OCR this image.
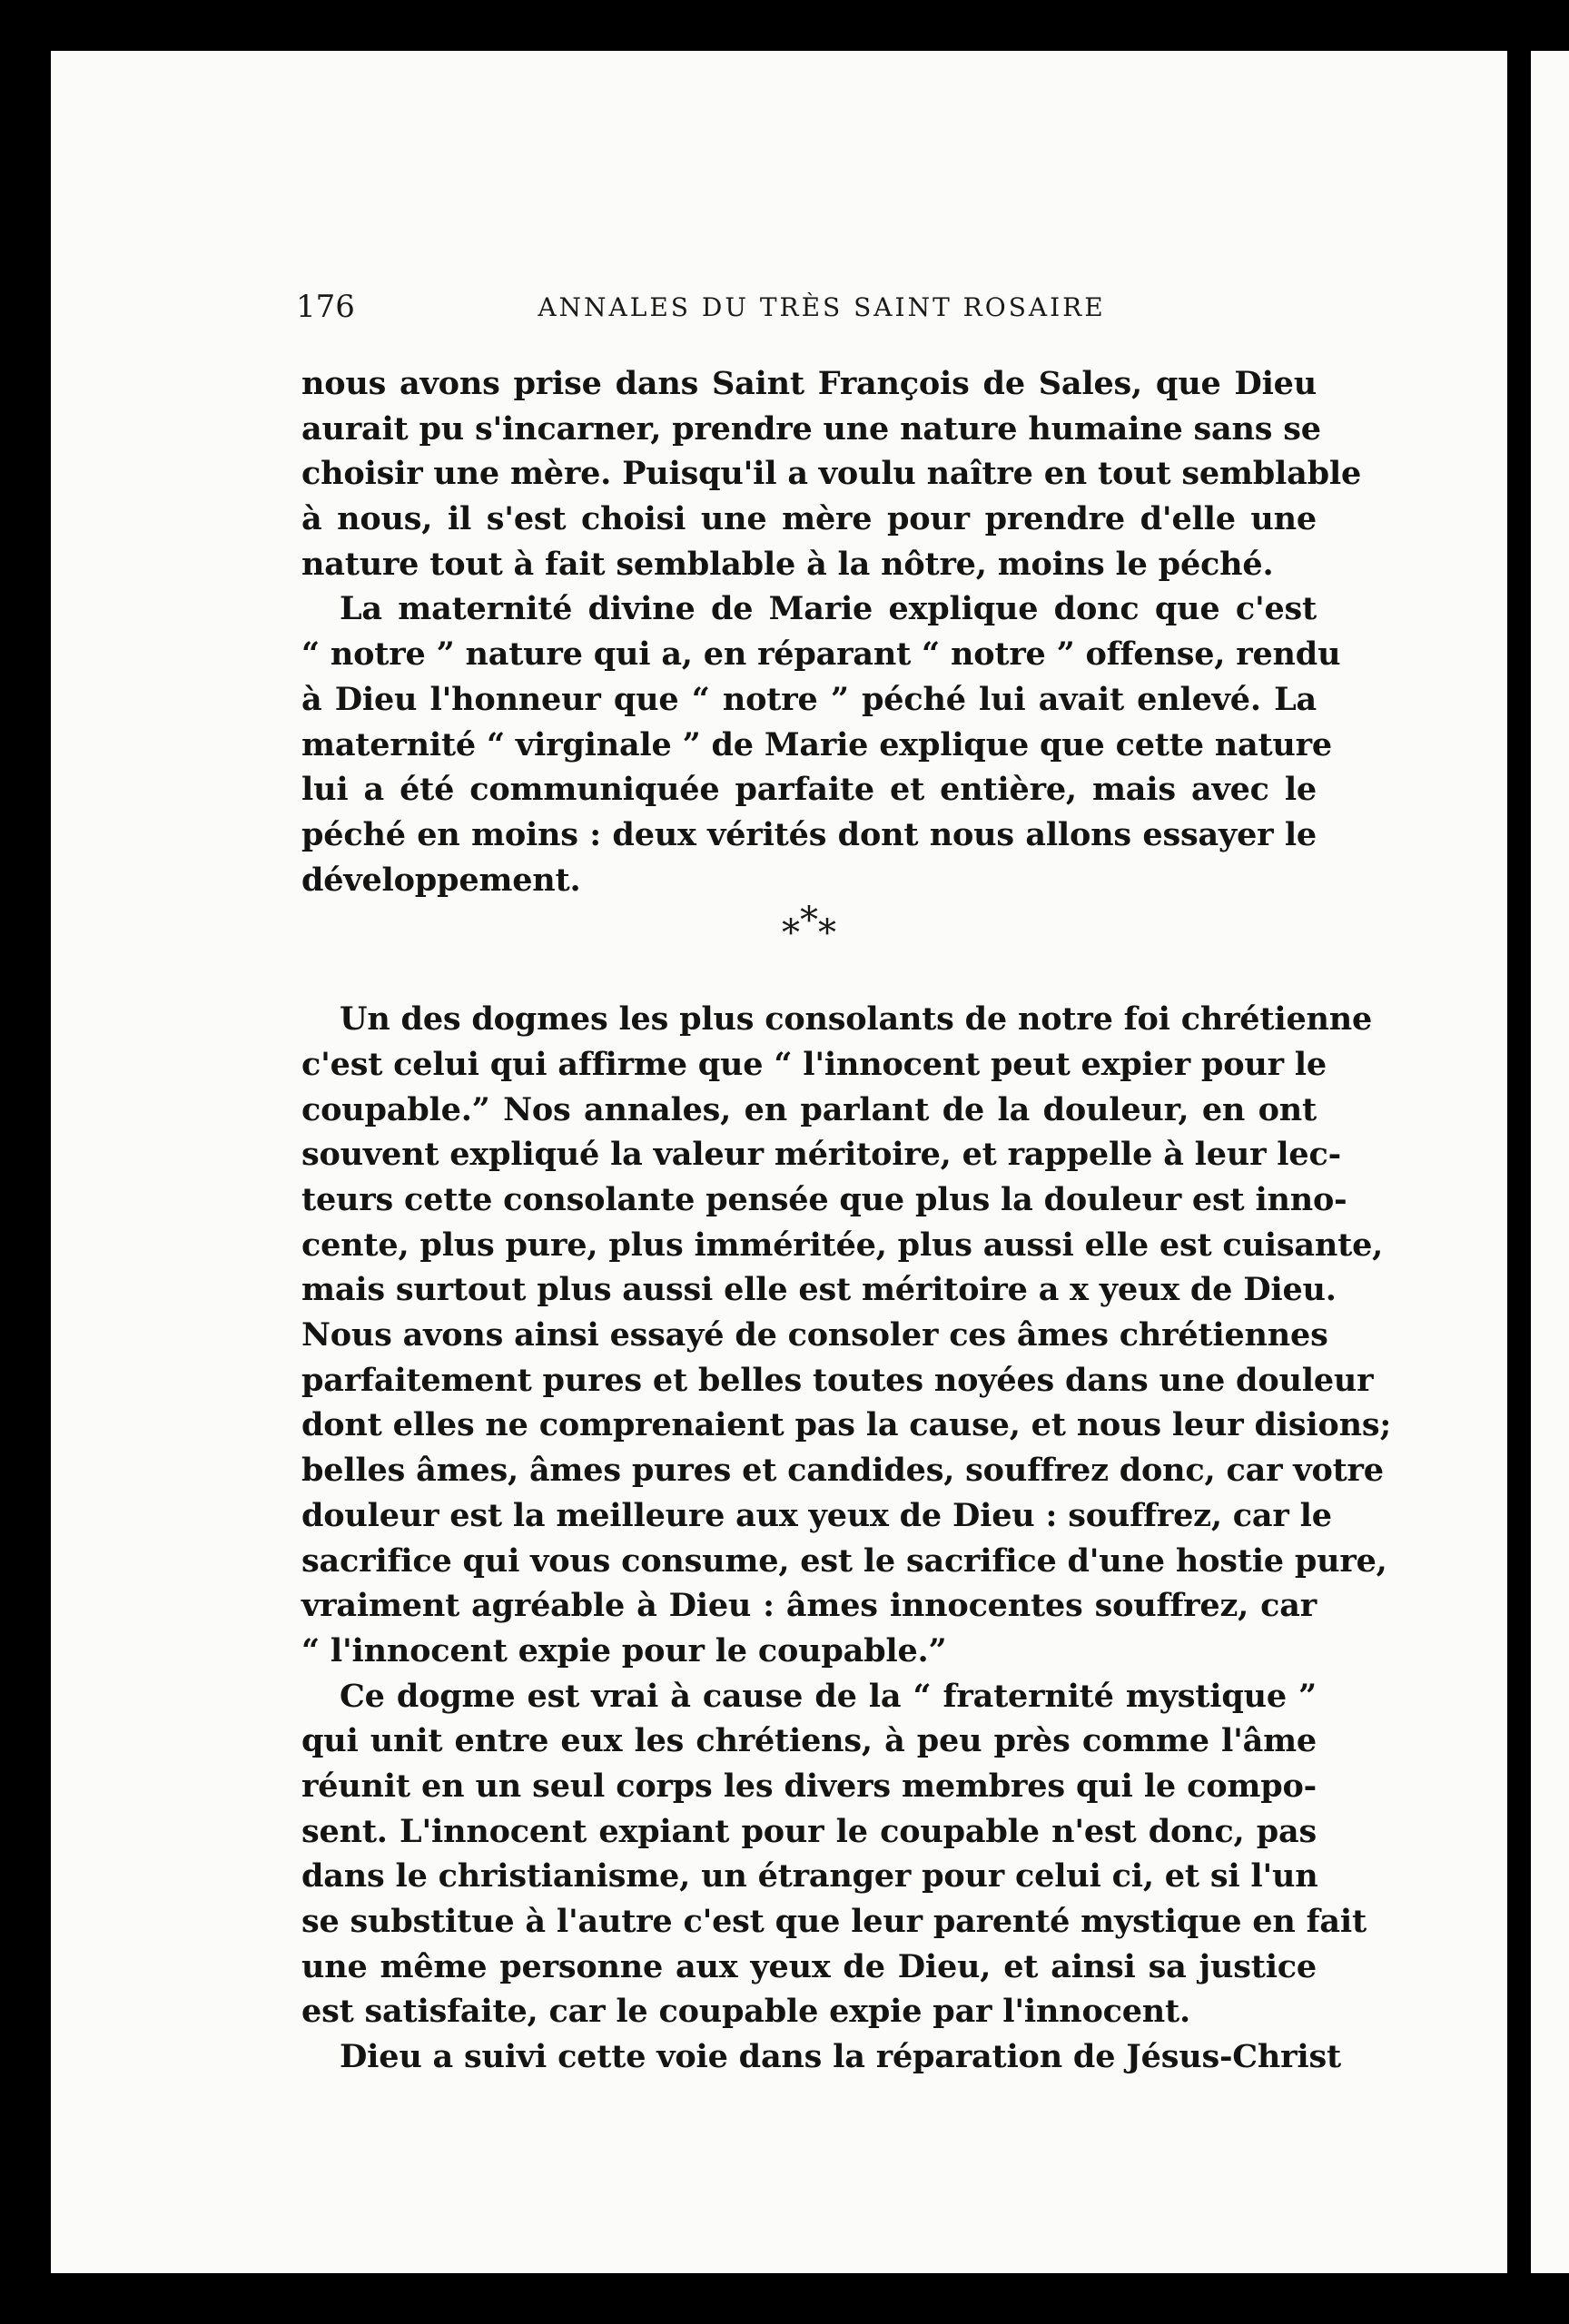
176	ANNALES DU TRÈS SAINT ROSAIRE
nous avons prise dans Saint François de Sales, que Dieu
aurait pu s'incarner, prendre une nature humaine sans se
choisir une mère. Puisqu'il a voulu naître en tout semblable
à nous, il s'est choisi une mère pour prendre d'elle une
nature tout à fait semblable à la nôtre, moins le péché.
La maternité divine de Marie explique donc que c'est
“ notre ” nature qui a, en réparant “ notre ” offense, rendu
à Dieu l'honneur que “ notre ” péché lui avait enlevé. La
maternité “ virginale ” de Marie explique que cette nature
lui a été communiquée parfaite et entière, mais avec le
péché en moins : deux vérités dont nous allons essayer le
développement.
***
Un des dogmes les plus consolants de notre foi chrétienne
c'est celui qui affirme que “ l'innocent peut expier pour le
coupable.” Nos annales, en parlant de la douleur, en ont
souvent expliqué la valeur méritoire, et rappelle à leur lec-
teurs cette consolante pensée que plus la douleur est inno-
cente, plus pure, plus imméritée, plus aussi elle est cuisante,
mais surtout plus aussi elle est méritoire a x yeux de Dieu.
Nous avons ainsi essayé de consoler ces âmes chrétiennes
parfaitement pures et belles toutes noyées dans une douleur
dont elles ne comprenaient pas la cause, et nous leur disions;
belles âmes, âmes pures et candides, souffrez donc, car votre
douleur est la meilleure aux yeux de Dieu : souffrez, car le
sacrifice qui vous consume, est le sacrifice d'une hostie pure,
vraiment agréable à Dieu : âmes innocentes souffrez, car
“ l'innocent expie pour le coupable.”
Ce dogme est vrai à cause de la “ fraternité mystique ”
qui unit entre eux les chrétiens, à peu près comme l'âme
réunit en un seul corps les divers membres qui le compo-
sent. L'innocent expiant pour le coupable n'est donc, pas
dans le christianisme, un étranger pour celui ci, et si l'un
se substitue à l'autre c'est que leur parenté mystique en fait
une même personne aux yeux de Dieu, et ainsi sa justice
est satisfaite, car le coupable expie par l'innocent.
Dieu a suivi cette voie dans la réparation de Jésus-Christ
